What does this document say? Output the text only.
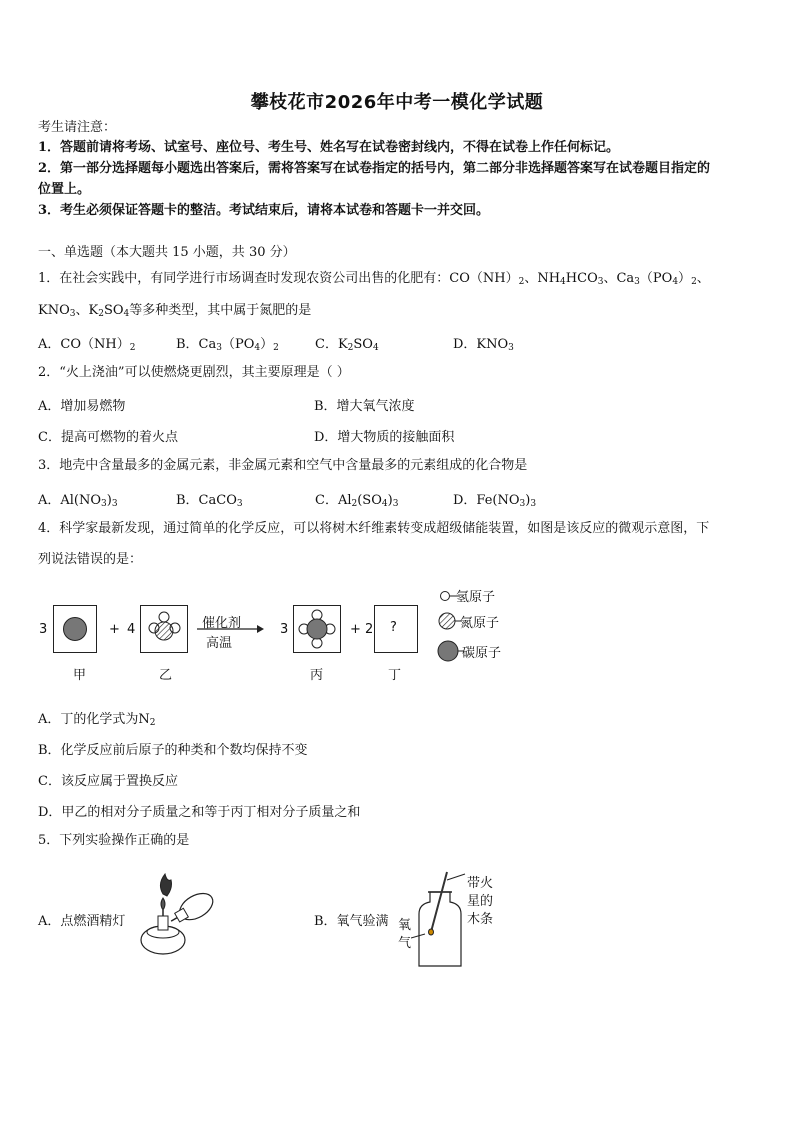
攀枝花市2026年中考一模化学试题
考生请注意：
1．答题前请将考场、试室号、座位号、考生号、姓名写在试卷密封线内，不得在试卷上作任何标记。
2．第一部分选择题每小题选出答案后，需将答案写在试卷指定的括号内，第二部分非选择题答案写在试卷题目指定的
位置上。
3．考生必须保证答题卡的整洁。考试结束后，请将本试卷和答题卡一并交回。
一、单选题（本大题共 15 小题，共 30 分）
1．在社会实践中，有同学进行市场调查时发现农资公司出售的化肥有：$CO(NH)_2$、$NH_4HCO_3$、$Ca_3(PO_4)_2$、
$KNO_3$、$K_2SO_4$等多种类型，其中属于氮肥的是
A．$CO(NH)_2$	B．$Ca_3(PO_4)_2$	C．$K_2SO_4$	D．$KNO_3$
2．“火上浇油”可以使燃烧更剧烈，其主要原理是（ ）
A．增加易燃物	B．增大氧气浓度
C．提高可燃物的着火点	D．增大物质的接触面积
3．地壳中含量最多的金属元素，非金属元素和空气中含量最多的元素组成的化合物是
A．$Al(NO_3)_3$	B．CaCO$_3$	C．$Al_2(SO_4)_3$	D．$Fe(NO_3)_3$
4．科学家最新发现，通过简单的化学反应，可以将树木纤维素转变成超级储能装置，如图是该反应的微观示意图，下
列说法错误的是：
3
甲
+ 4
乙
催化剂
高温
3
丙
+ 2 ?
丁
氢原子
氮原子
碳原子
A．丁的化学式为$N_2$
B．化学反应前后原子的种类和个数均保持不变
C．该反应属于置换反应
D．甲乙的相对分子质量之和等于丙丁相对分子质量之和
5．下列实验操作正确的是
A．点燃酒精灯	B．氧气验满
带火
星的
木条
氧
气
